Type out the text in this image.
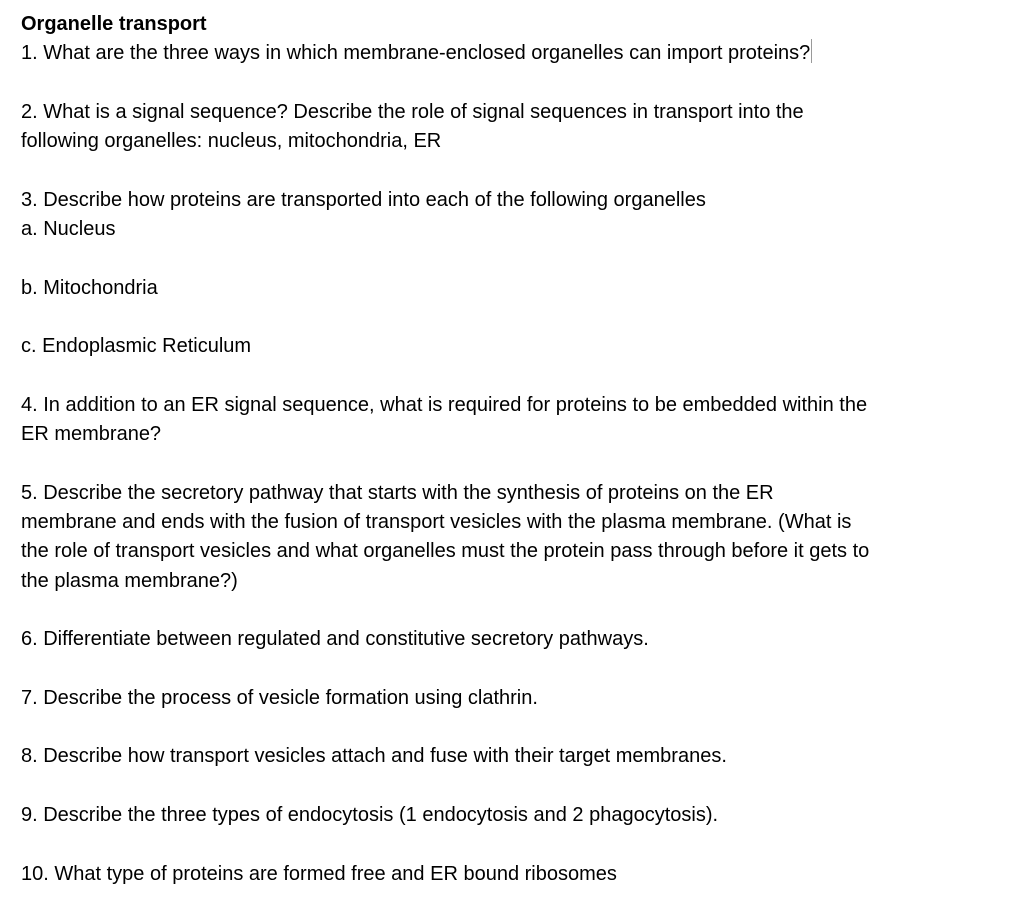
Organelle transport

1. What are the three ways in which membrane-enclosed organelles can import proteins?

2. What is a signal sequence? Describe the role of signal sequences in transport into the

following organelles: nucleus, mitochondria, ER

3. Describe how proteins are transported into each of the following organelles

a. Nucleus

b. Mitochondria

c. Endoplasmic Reticulum

4. In addition to an ER signal sequence, what is required for proteins to be embedded within the

ER membrane?

5. Describe the secretory pathway that starts with the synthesis of proteins on the ER

membrane and ends with the fusion of transport vesicles with the plasma membrane. (What is

the role of transport vesicles and what organelles must the protein pass through before it gets to

the plasma membrane?)

6. Differentiate between regulated and constitutive secretory pathways.

7. Describe the process of vesicle formation using clathrin.

8. Describe how transport vesicles attach and fuse with their target membranes.

9. Describe the three types of endocytosis (1 endocytosis and 2 phagocytosis).

10. What type of proteins are formed free and ER bound ribosomes
